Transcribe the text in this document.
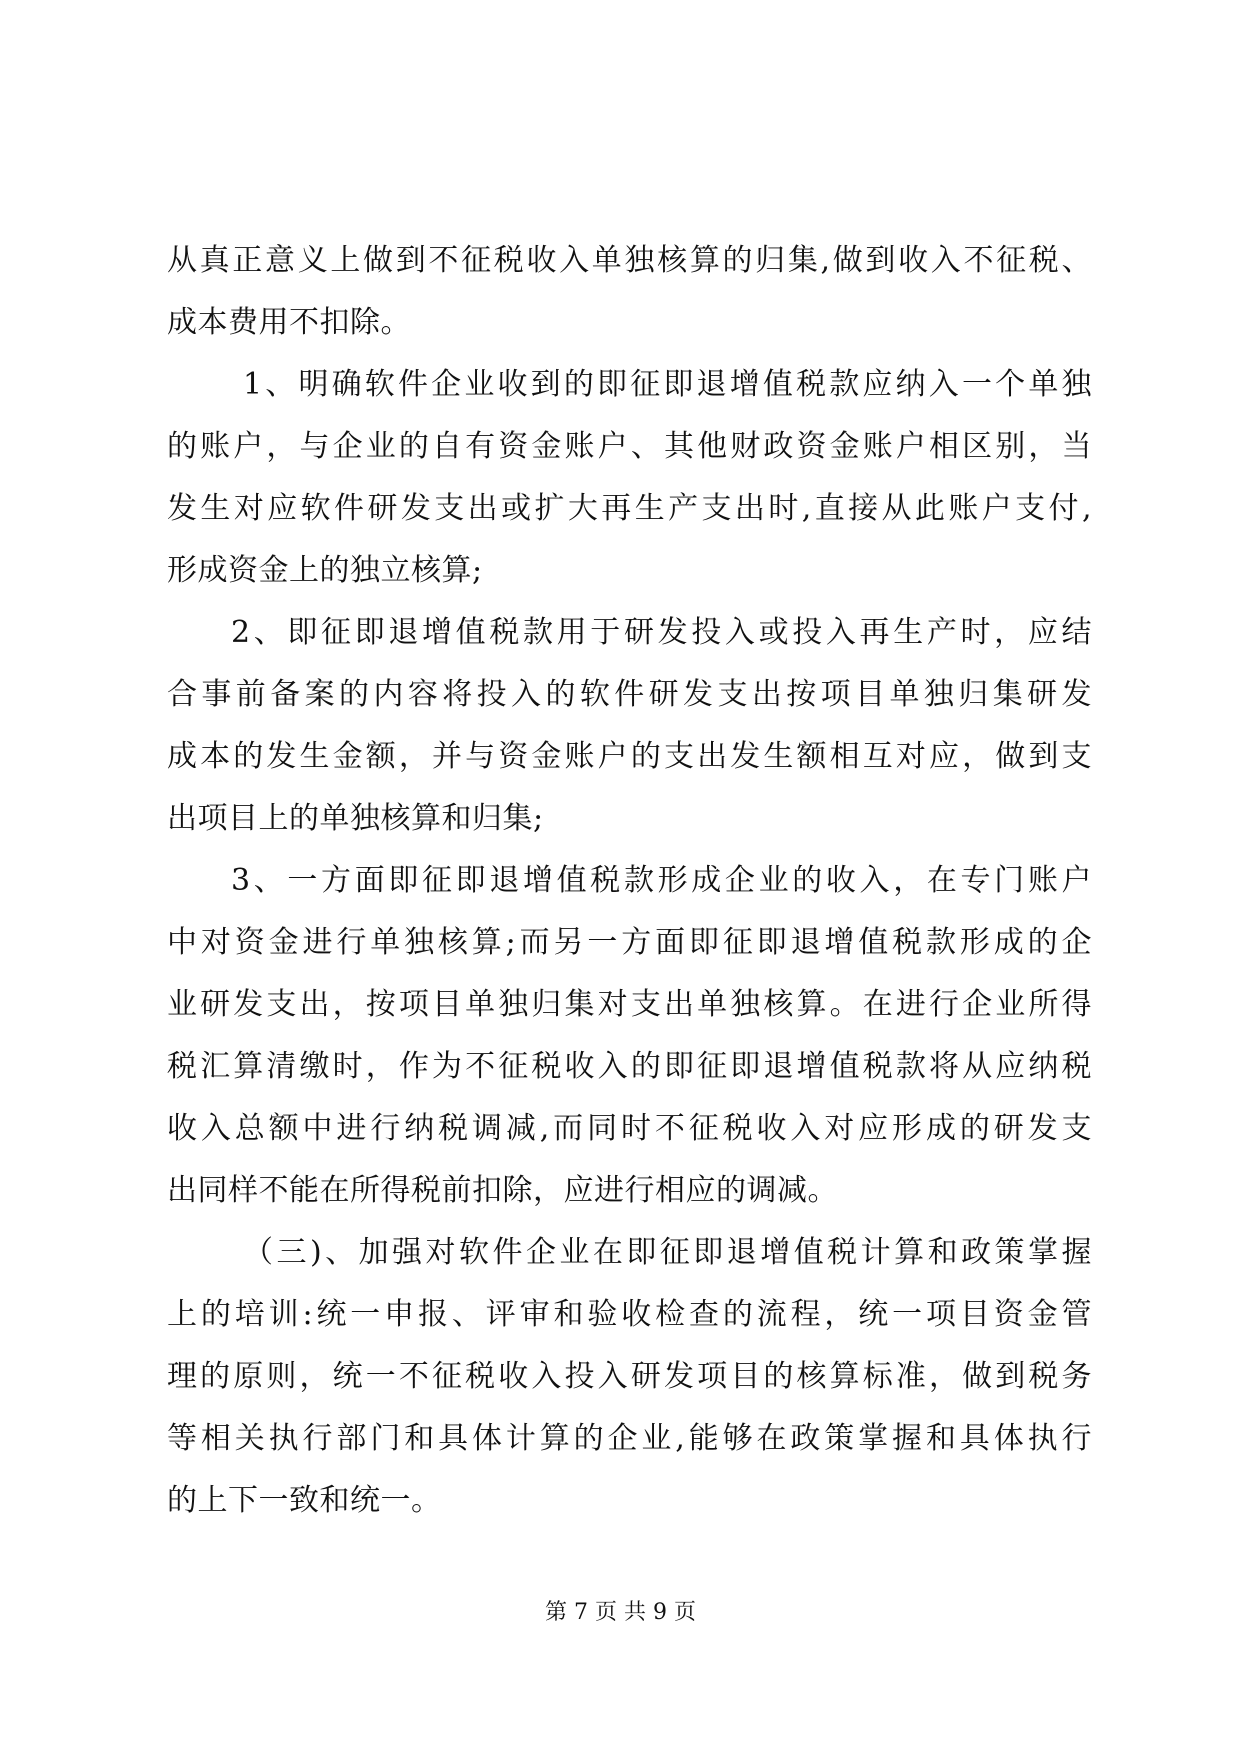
从真正意义上做到不征税收入单独核算的归集,做到收入不征税、
成本费用不扣除。
1、明确软件企业收到的即征即退增值税款应纳入一个单独
的账户，与企业的自有资金账户、其他财政资金账户相区别，当
发生对应软件研发支出或扩大再生产支出时,直接从此账户支付,
形成资金上的独立核算;
2、即征即退增值税款用于研发投入或投入再生产时，应结
合事前备案的内容将投入的软件研发支出按项目单独归集研发
成本的发生金额，并与资金账户的支出发生额相互对应，做到支
出项目上的单独核算和归集;
3、一方面即征即退增值税款形成企业的收入，在专门账户
中对资金进行单独核算;而另一方面即征即退增值税款形成的企
业研发支出，按项目单独归集对支出单独核算。在进行企业所得
税汇算清缴时，作为不征税收入的即征即退增值税款将从应纳税
收入总额中进行纳税调减,而同时不征税收入对应形成的研发支
出同样不能在所得税前扣除，应进行相应的调减。
（三)、加强对软件企业在即征即退增值税计算和政策掌握
上的培训:统一申报、评审和验收检查的流程，统一项目资金管
理的原则，统一不征税收入投入研发项目的核算标准，做到税务
等相关执行部门和具体计算的企业,能够在政策掌握和具体执行
的上下一致和统一。
第 7 页 共 9 页
